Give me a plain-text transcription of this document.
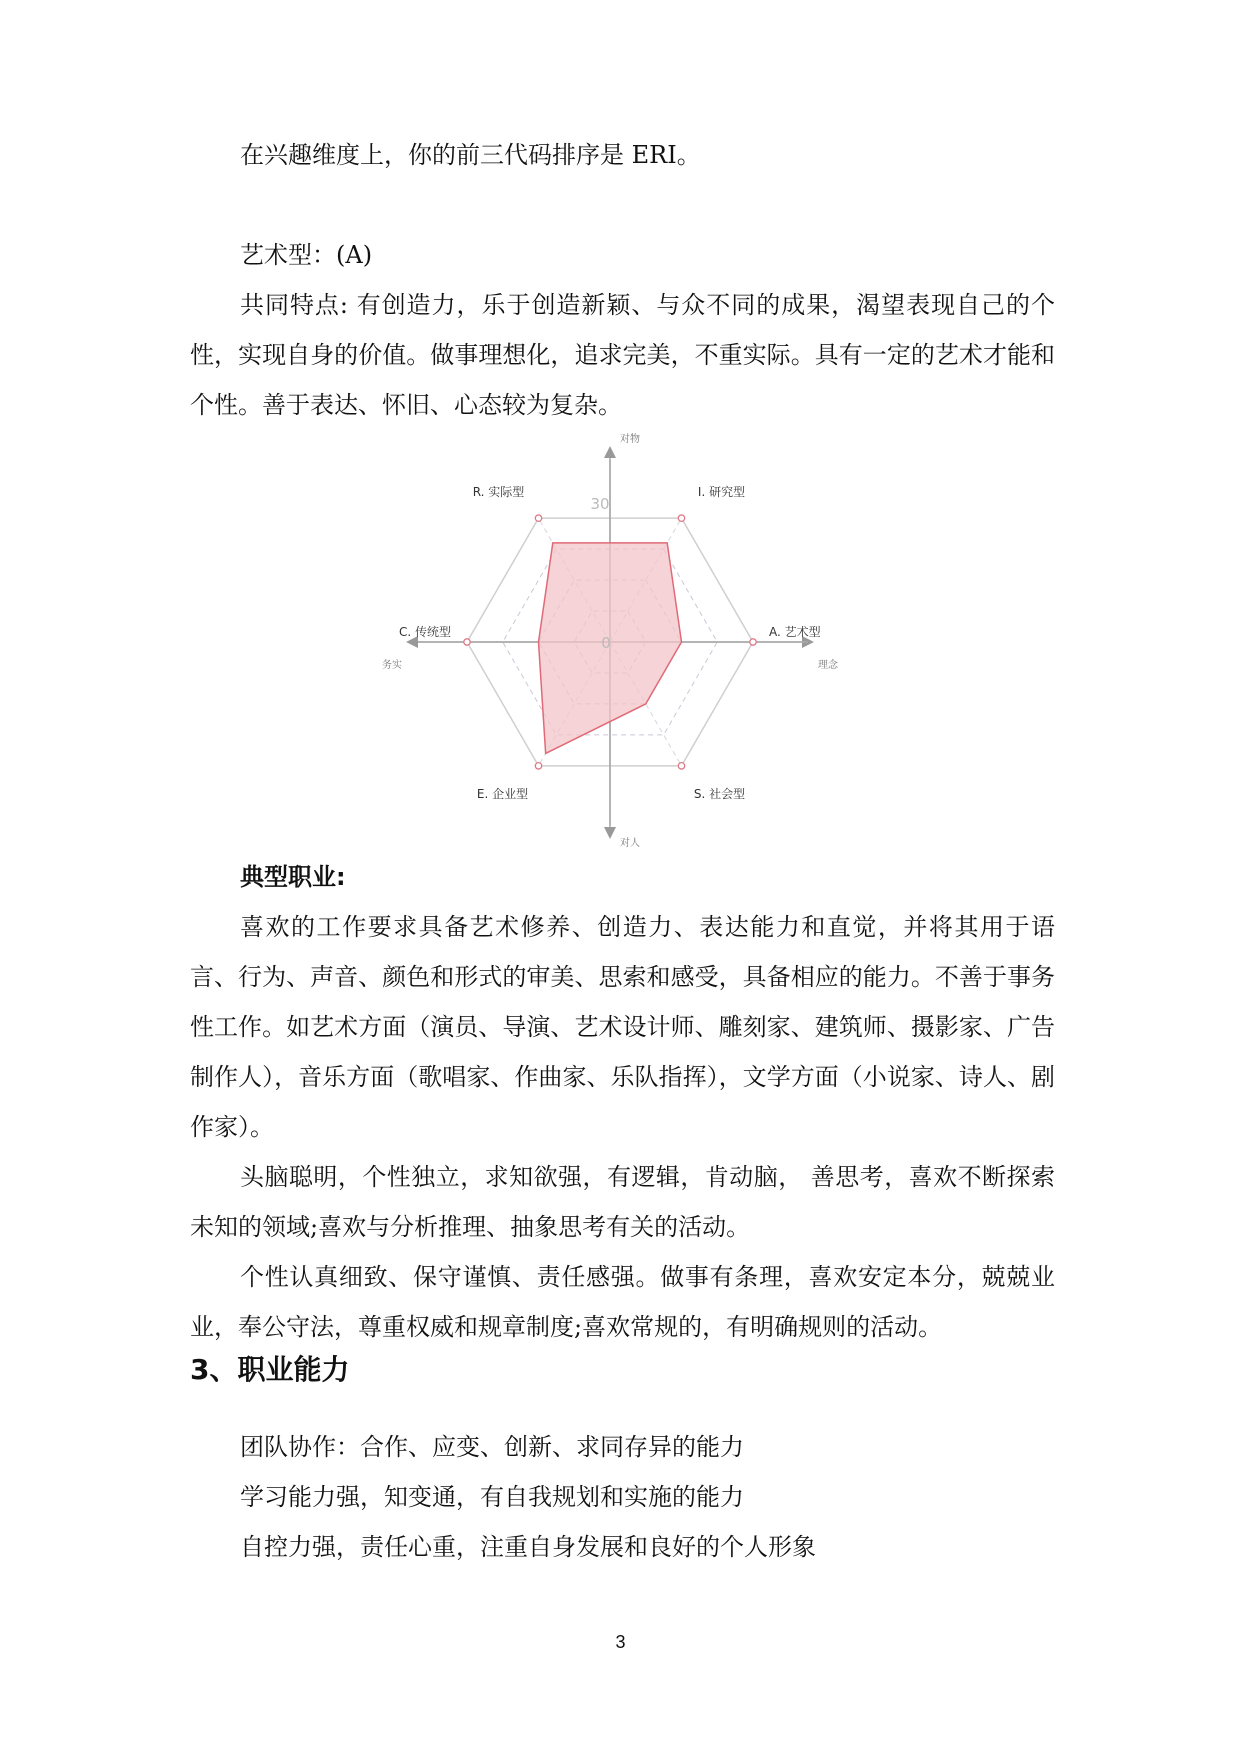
在兴趣维度上，你的前三代码排序是 ERI。

艺术型：(A)

共同特点: 有创造力，乐于创造新颖、与众不同的成果，渴望表现自己的个性，实现自身的价值。做事理想化，追求完美，不重实际。具有一定的艺术才能和个性。善于表达、怀旧、心态较为复杂。

I. 研究型
A. 艺术型
S. 社会型
E. 企业型
C. 传统型
R. 实际型
0
30
对物
对人
务实	理念

典型职业:

喜欢的工作要求具备艺术修养、创造力、表达能力和直觉，并将其用于语言、行为、声音、颜色和形式的审美、思索和感受，具备相应的能力。不善于事务性工作。如艺术方面（演员、导演、艺术设计师、雕刻家、建筑师、摄影家、广告制作人），音乐方面（歌唱家、作曲家、乐队指挥），文学方面（小说家、诗人、剧作家）。

头脑聪明，个性独立，求知欲强，有逻辑，肯动脑， 善思考，喜欢不断探索未知的领域;喜欢与分析推理、抽象思考有关的活动。

个性认真细致、保守谨慎、责任感强。做事有条理，喜欢安定本分，兢兢业业，奉公守法，尊重权威和规章制度;喜欢常规的，有明确规则的活动。

3、职业能力

团队协作：合作、应变、创新、求同存异的能力

学习能力强，知变通，有自我规划和实施的能力

自控力强，责任心重，注重自身发展和良好的个人形象

3
